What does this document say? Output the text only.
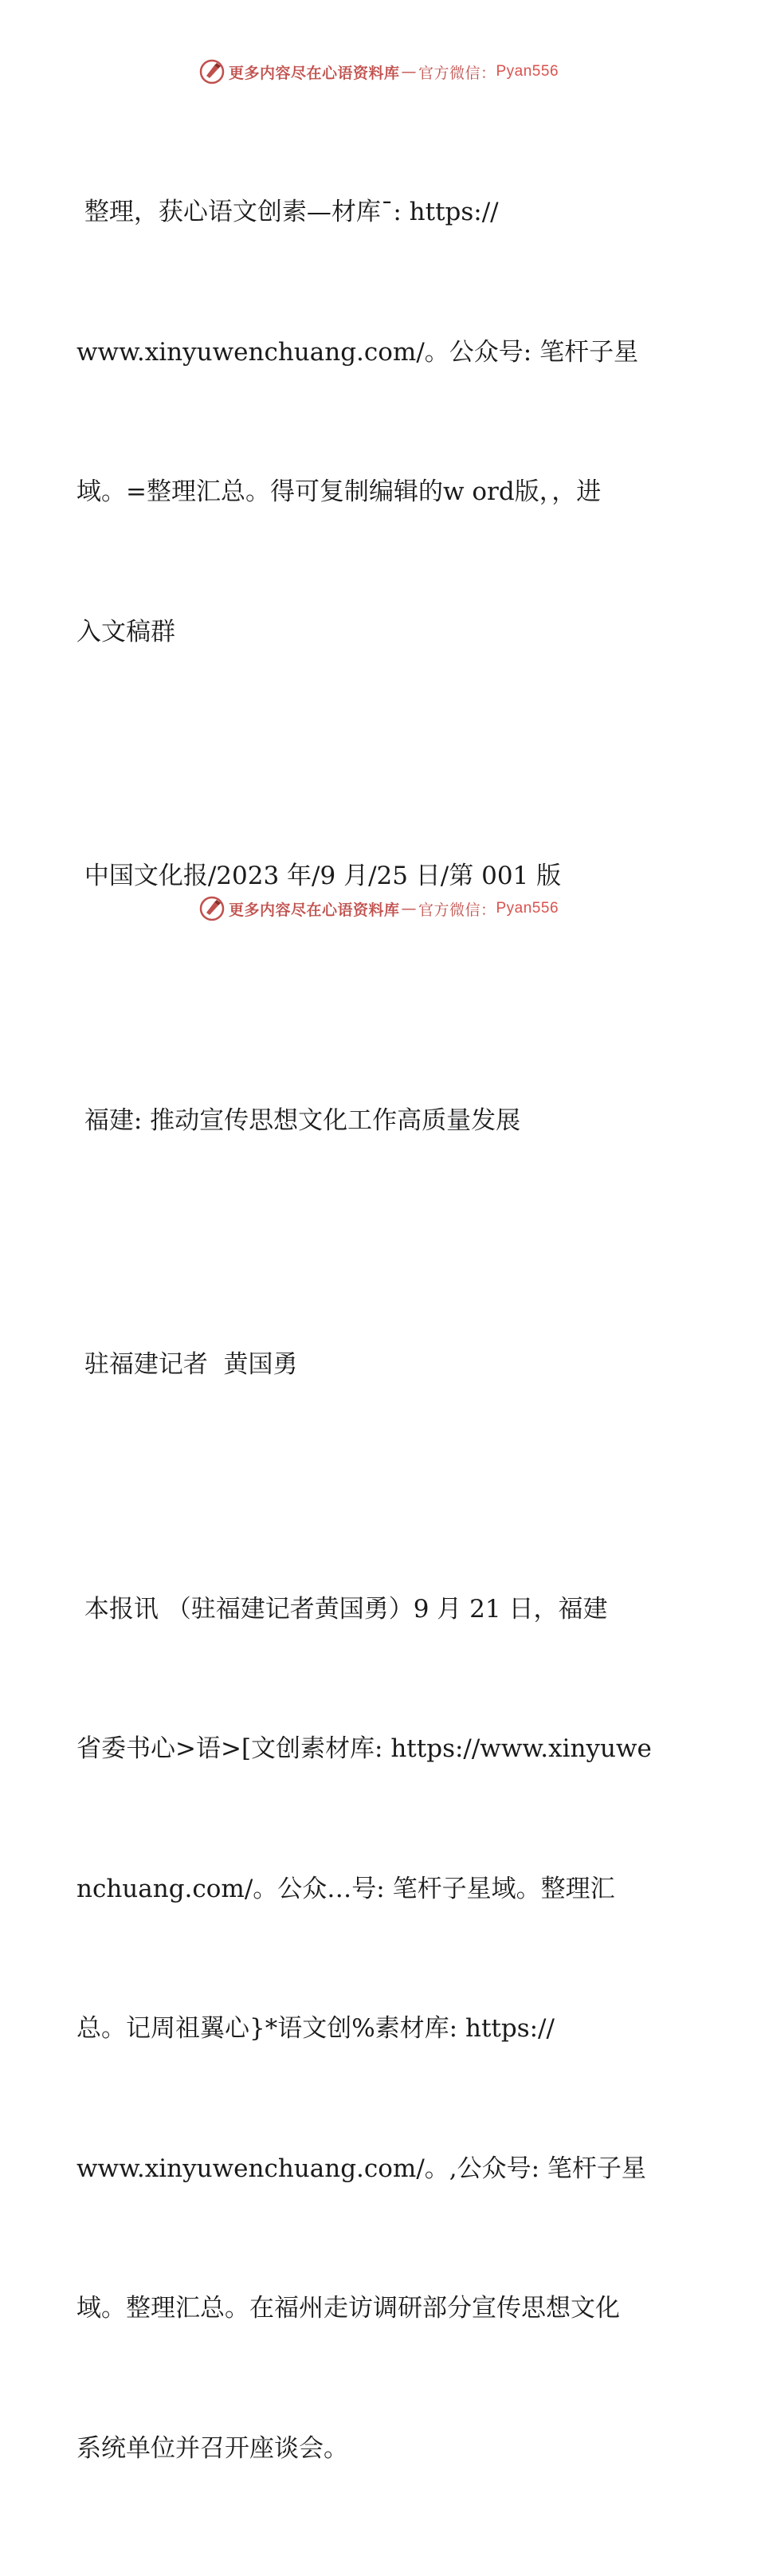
更多内容尽在心语资料库 — 官方微信： Pyan556

整理，获心语文创素—材库¯: https://

www.xinyuwenchuang.com/。公众号: 笔杆子星

域。=整理汇总。得可复制编辑的w ord版，，进

入文稿群

中国文化报/2023 年/9 月/25 日/第 001 版

福建: 推动宣传思想文化工作高质量发展

驻福建记者  黄国勇

本报讯 （驻福建记者黄国勇）9 月 21 日，福建

省委书心>语>[文创素材库: https://www.xinyuwe

nchuang.com/。公众…号: 笔杆子星域。整理汇

总。记周祖翼心}*语文创%素材库: https://

www.xinyuwenchuang.com/。,公众号: 笔杆子星

域。整理汇总。在福州走访调研部分宣传思想文化

系统单位并召开座谈会。

更多内容尽在心语资料库 — 官方微信： Pyan556
